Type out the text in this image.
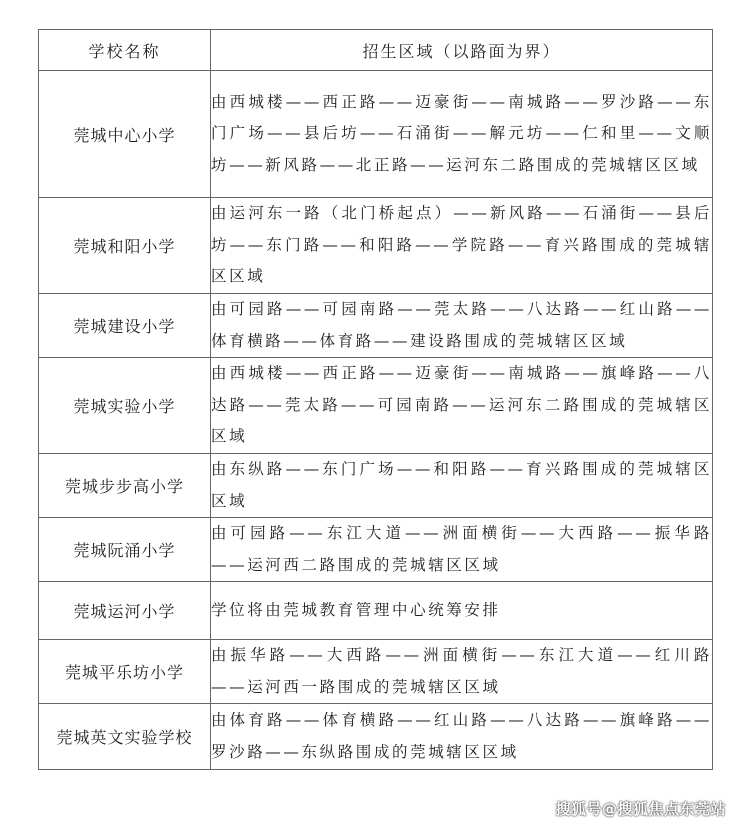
学校名称	招生区域（以路面为界）
莞城中心小学	由西城楼——西正路——迈豪街——南城路——罗沙路——东门广场——县后坊——石涌街——解元坊——仁和里——文顺坊——新风路——北正路——运河东二路围成的莞城辖区区域
莞城和阳小学	由运河东一路（北门桥起点）——新风路——石涌街——县后坊——东门路——和阳路——学院路——育兴路围成的莞城辖区区域
莞城建设小学	由可园路——可园南路——莞太路——八达路——红山路——体育横路——体育路——建设路围成的莞城辖区区域
莞城实验小学	由西城楼——西正路——迈豪街——南城路——旗峰路——八达路——莞太路——可园南路——运河东二路围成的莞城辖区区域
莞城步步高小学	由东纵路——东门广场——和阳路——育兴路围成的莞城辖区区域
莞城阮涌小学	由可园路——东江大道——洲面横街——大西路——振华路——运河西二路围成的莞城辖区区域
莞城运河小学	学位将由莞城教育管理中心统筹安排
莞城平乐坊小学	由振华路——大西路——洲面横街——东江大道——红川路——运河西一路围成的莞城辖区区域
莞城英文实验学校	由体育路——体育横路——红山路——八达路——旗峰路——罗沙路——东纵路围成的莞城辖区区域
搜狐号@搜狐焦点东莞站
